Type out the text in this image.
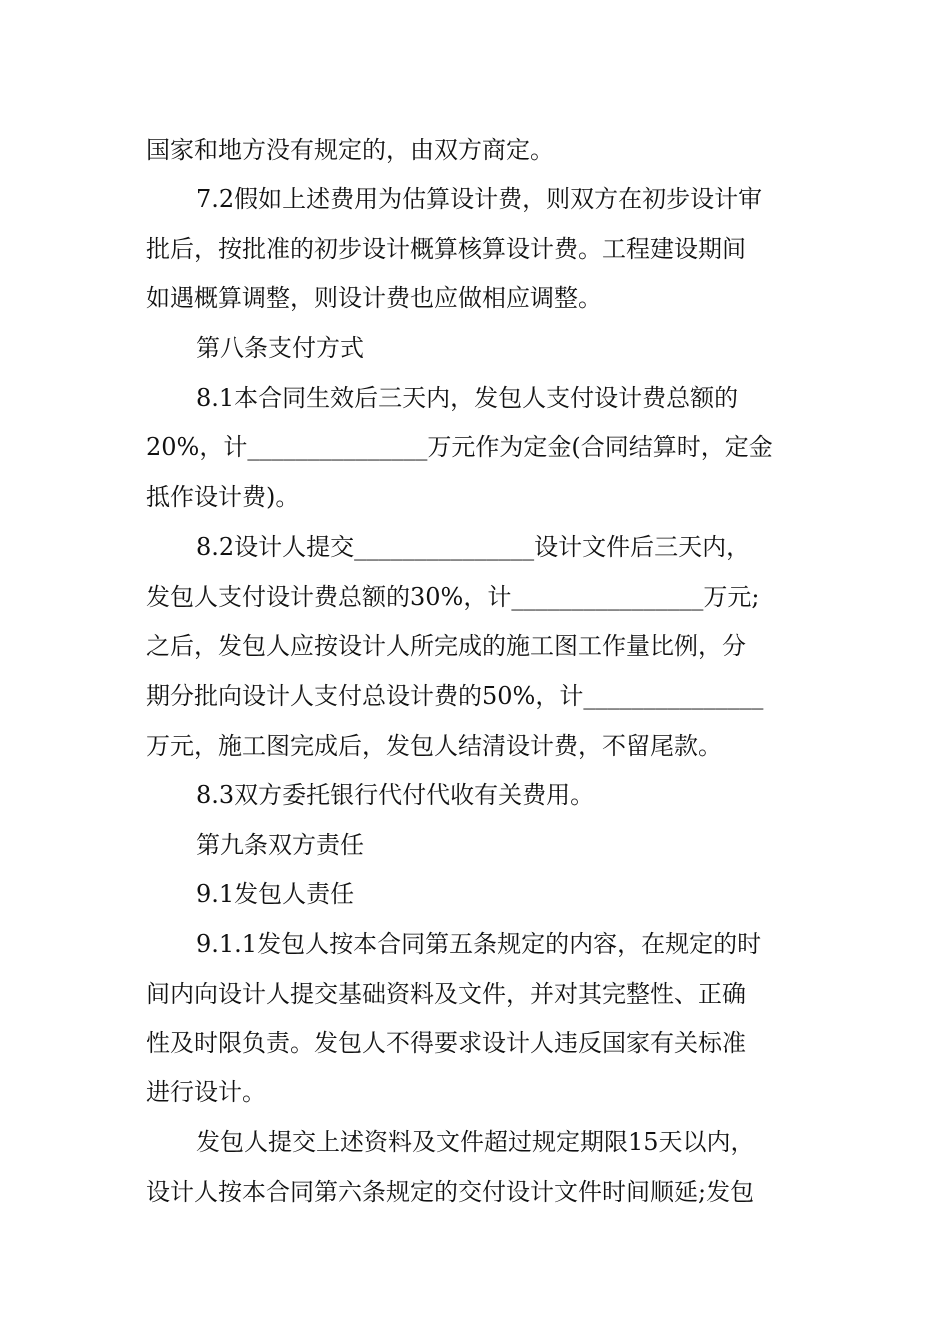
国家和地方没有规定的，由双方商定。
7.2假如上述费用为估算设计费，则双方在初步设计审
批后，按批准的初步设计概算核算设计费。工程建设期间
如遇概算调整，则设计费也应做相应调整。
第八条支付方式
8.1本合同生效后三天内，发包人支付设计费总额的
20%，计_______________万元作为定金(合同结算时，定金
抵作设计费)。
8.2设计人提交_______________设计文件后三天内，
发包人支付设计费总额的30%，计________________万元;
之后，发包人应按设计人所完成的施工图工作量比例，分
期分批向设计人支付总设计费的50%，计_______________
万元，施工图完成后，发包人结清设计费，不留尾款。
8.3双方委托银行代付代收有关费用。
第九条双方责任
9.1发包人责任
9.1.1发包人按本合同第五条规定的内容，在规定的时
间内向设计人提交基础资料及文件，并对其完整性、正确
性及时限负责。发包人不得要求设计人违反国家有关标准
进行设计。
发包人提交上述资料及文件超过规定期限15天以内，
设计人按本合同第六条规定的交付设计文件时间顺延;发包
